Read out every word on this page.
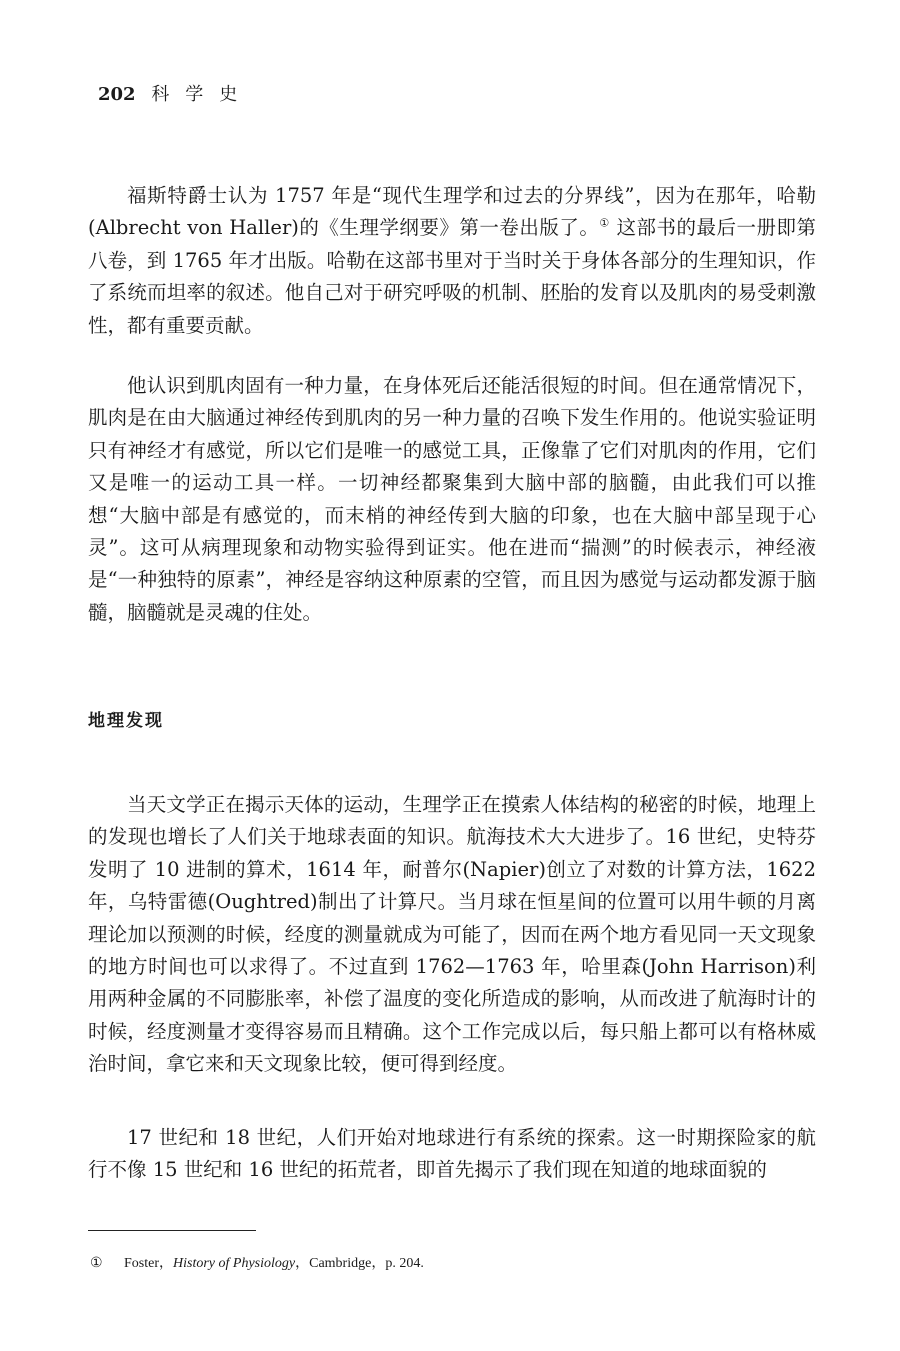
202 科学史

福斯特爵士认为 1757 年是“现代生理学和过去的分界线”，因为在那年，哈勒(Albrecht von Haller)的《生理学纲要》第一卷出版了。① 这部书的最后一册即第八卷，到 1765 年才出版。哈勒在这部书里对于当时关于身体各部分的生理知识，作了系统而坦率的叙述。他自己对于研究呼吸的机制、胚胎的发育以及肌肉的易受刺激性，都有重要贡献。

他认识到肌肉固有一种力量，在身体死后还能活很短的时间。但在通常情况下，肌肉是在由大脑通过神经传到肌肉的另一种力量的召唤下发生作用的。他说实验证明只有神经才有感觉，所以它们是唯一的感觉工具，正像靠了它们对肌肉的作用，它们又是唯一的运动工具一样。一切神经都聚集到大脑中部的脑髓，由此我们可以推想“大脑中部是有感觉的，而末梢的神经传到大脑的印象，也在大脑中部呈现于心灵”。这可从病理现象和动物实验得到证实。他在进而“揣测”的时候表示，神经液是“一种独特的原素”，神经是容纳这种原素的空管，而且因为感觉与运动都发源于脑髓，脑髓就是灵魂的住处。

地理发现

当天文学正在揭示天体的运动，生理学正在摸索人体结构的秘密的时候，地理上的发现也增长了人们关于地球表面的知识。航海技术大大进步了。16 世纪，史特芬发明了 10 进制的算术，1614 年，耐普尔(Napier)创立了对数的计算方法，1622 年，乌特雷德(Oughtred)制出了计算尺。当月球在恒星间的位置可以用牛顿的月离理论加以预测的时候，经度的测量就成为可能了，因而在两个地方看见同一天文现象的地方时间也可以求得了。不过直到 1762—1763 年，哈里森(John Harrison)利用两种金属的不同膨胀率，补偿了温度的变化所造成的影响，从而改进了航海时计的时候，经度测量才变得容易而且精确。这个工作完成以后，每只船上都可以有格林威治时间，拿它来和天文现象比较，便可得到经度。

17 世纪和 18 世纪，人们开始对地球进行有系统的探索。这一时期探险家的航行不像 15 世纪和 16 世纪的拓荒者，即首先揭示了我们现在知道的地球面貌的

① Foster，History of Physiology，Cambridge，p. 204.
